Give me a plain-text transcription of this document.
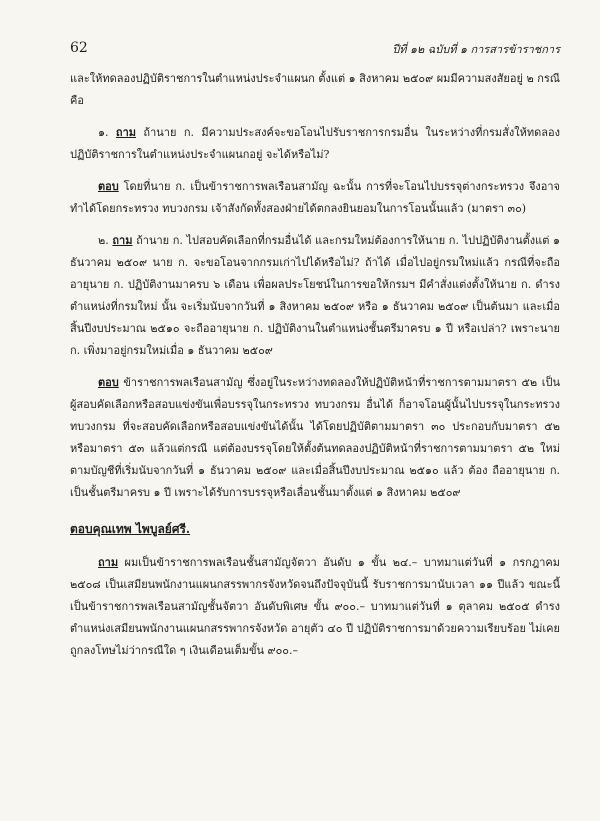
62	ปีที่ ๑๒ ฉบับที่ ๑ การสารข้าราชการ

และให้ทดลองปฏิบัติราชการในตำแหน่งประจำแผนก ตั้งแต่ ๑ สิงหาคม ๒๕๐๙ ผมมีความสงสัยอยู่ ๒ กรณี คือ

๑. ถาม ถ้านาย ก. มีความประสงค์จะขอโอนไปรับราชการกรมอื่น ในระหว่างที่กรมสั่งให้ทดลองปฏิบัติราชการในตำแหน่งประจำแผนกอยู่ จะได้หรือไม่?

ตอบ โดยที่นาย ก. เป็นข้าราชการพลเรือนสามัญ ฉะนั้น การที่จะโอนไปบรรจุต่างกระทรวง จึงอาจทำได้โดยกระทรวง ทบวงกรม เจ้าสังกัดทั้งสองฝ่ายได้ตกลงยินยอมในการโอนนั้นแล้ว (มาตรา ๓๐)

๒. ถาม ถ้านาย ก. ไปสอบคัดเลือกที่กรมอื่นได้ และกรมใหม่ต้องการให้นาย ก. ไปปฏิบัติงานตั้งแต่ ๑ ธันวาคม ๒๕๐๙ นาย ก. จะขอโอนจากกรมเก่าไปได้หรือไม่? ถ้าได้ เมื่อไปอยู่กรมใหม่แล้ว กรณีที่จะถืออายุนาย ก. ปฏิบัติงานมาครบ ๖ เดือน เพื่อผลประโยชน์ในการขอให้กรมฯ มีคำสั่งแต่งตั้งให้นาย ก. ดำรงตำแหน่งที่กรมใหม่ นั้น จะเริ่มนับจากวันที่ ๑ สิงหาคม ๒๕๐๙ หรือ ๑ ธันวาคม ๒๕๐๙ เป็นต้นมา และเมื่อสิ้นปีงบประมาณ ๒๕๑๐ จะถืออายุนาย ก. ปฏิบัติงานในตำแหน่งชั้นตรีมาครบ ๑ ปี หรือเปล่า? เพราะนาย ก. เพิ่งมาอยู่กรมใหม่เมื่อ ๑ ธันวาคม ๒๕๐๙

ตอบ ข้าราชการพลเรือนสามัญ ซึ่งอยู่ในระหว่างทดลองให้ปฏิบัติหน้าที่ราชการตามมาตรา ๕๒ เป็นผู้สอบคัดเลือกหรือสอบแข่งขันเพื่อบรรจุในกระทรวง ทบวงกรม อื่นได้ ก็อาจโอนผู้นั้นไปบรรจุในกระทรวง ทบวงกรม ที่จะสอบคัดเลือกหรือสอบแข่งขันได้นั้น ได้โดยปฏิบัติตามมาตรา ๓๐ ประกอบกับมาตรา ๕๒ หรือมาตรา ๕๓ แล้วแต่กรณี แต่ต้องบรรจุโดยให้ตั้งต้นทดลองปฏิบัติหน้าที่ราชการตามมาตรา ๕๒ ใหม่ตามบัญชีที่เริ่มนับจากวันที่ ๑ ธันวาคม ๒๕๐๙ และเมื่อสิ้นปีงบประมาณ ๒๕๑๐ แล้ว ต้อง ถืออายุนาย ก. เป็นชั้นตรีมาครบ ๑ ปี เพราะได้รับการบรรจุหรือเลื่อนชั้นมาตั้งแต่ ๑ สิงหาคม ๒๕๐๙

ตอบคุณเทพ ไพบูลย์ศรี.

ถาม ผมเป็นข้าราชการพลเรือนชั้นสามัญจัตวา อันดับ ๑ ขั้น ๒๔.– บาทมาแต่วันที่ ๑ กรกฎาคม ๒๕๐๘ เป็นเสมียนพนักงานแผนกสรรพากรจังหวัดจนถึงปัจจุบันนี้ รับราชการมานับเวลา ๑๑ ปีแล้ว ขณะนี้เป็นข้าราชการพลเรือนสามัญชั้นจัตวา อันดับพิเศษ ขั้น ๙๐๐.– บาทมาแต่วันที่ ๑ ตุลาคม ๒๕๐๕ ดำรงตำแหน่งเสมียนพนักงานแผนกสรรพากรจังหวัด อายุตัว ๔๐ ปี ปฏิบัติราชการมาด้วยความเรียบร้อย ไม่เคยถูกลงโทษไม่ว่ากรณีใด ๆ เงินเดือนเต็มขั้น ๙๐๐.–
